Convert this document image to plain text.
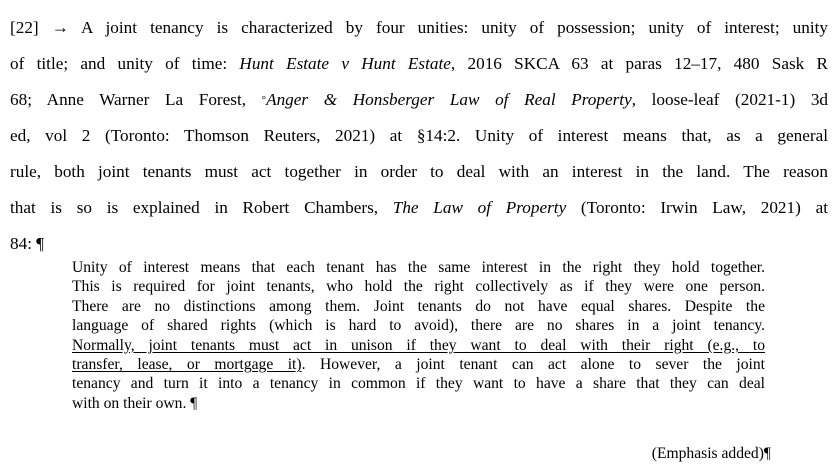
[22] → A joint tenancy is characterized by four unities: unity of possession; unity of interest; unity
of title; and unity of time: Hunt Estate v Hunt Estate, 2016 SKCA 63 at paras 12–17, 480 Sask R
68; Anne Warner La Forest, °Anger & Honsberger Law of Real Property, loose-leaf (2021-1) 3d
ed, vol 2 (Toronto: Thomson Reuters, 2021) at §14:2. Unity of interest means that, as a general
rule, both joint tenants must act together in order to deal with an interest in the land. The reason
that is so is explained in Robert Chambers, The Law of Property (Toronto: Irwin Law, 2021) at
84: ¶
Unity of interest means that each tenant has the same interest in the right they hold together.
This is required for joint tenants, who hold the right collectively as if they were one person.
There are no distinctions among them. Joint tenants do not have equal shares. Despite the
language of shared rights (which is hard to avoid), there are no shares in a joint tenancy.
Normally, joint tenants must act in unison if they want to deal with their right (e.g., to
transfer, lease, or mortgage it). However, a joint tenant can act alone to sever the joint
tenancy and turn it into a tenancy in common if they want to have a share that they can deal
with on their own. ¶
(Emphasis added)¶
